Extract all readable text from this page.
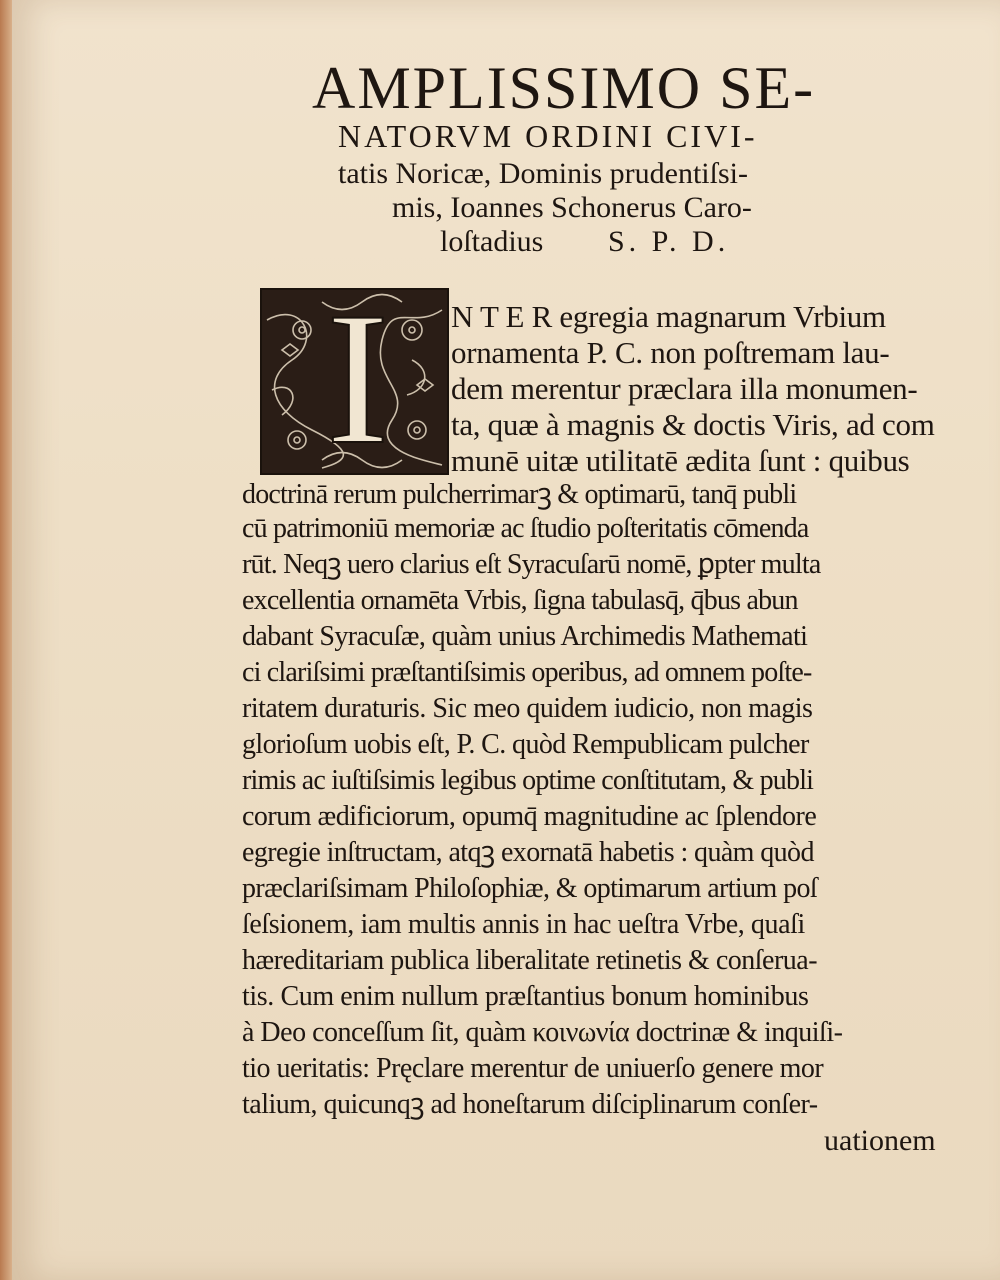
AMPLISSIMO SE-
NATORVM ORDINI CIVI-
tatis Noricæ, Dominis prudentiſsi-
mis, Ioannes Schonerus Caro-
loſtadius S. P. D.
I N T E R egregia magnarum Vrbium
ornamenta P. C. non poſtremam lau-
dem merentur præclara illa monumen-
ta, quæ à magnis & doctis Viris, ad com
munē uitæ utilitatē ædita ſunt : quibus
doctrinā rerum pulcherrimarꝫ & optimarū, tanq̄ publi
cū patrimoniū memoriæ ac ſtudio poſteritatis cōmenda
rūt. Neqꝫ uero clarius eſt Syracuſarū nomē, ꝑpter multa
excellentia ornamēta Vrbis, ſigna tabulasq̄, q̄bus abun
dabant Syracuſæ, quàm unius Archimedis Mathemati
ci clariſsimi præſtantiſsimis operibus, ad omnem poſte-
ritatem duraturis. Sic meo quidem iudicio, non magis
glorioſum uobis eſt, P. C. quòd Rempublicam pulcher
rimis ac iuſtiſsimis legibus optime conſtitutam, & publi
corum ædificiorum, opumq̄ magnitudine ac ſplendore
egregie inſtructam, atqꝫ exornatā habetis : quàm quòd
præclariſsimam Philoſophiæ, & optimarum artium poſ
ſeſsionem, iam multis annis in hac ueſtra Vrbe, quaſi
hæreditariam publica liberalitate retinetis & conſerua-
tis. Cum enim nullum præſtantius bonum hominibus
à Deo conceſſum ſit, quàm κοινωνία doctrinæ & inquiſi-
tio ueritatis: Pręclare merentur de uniuerſo genere mor
talium, quicunqꝫ ad honeſtarum diſciplinarum conſer-
uationem
